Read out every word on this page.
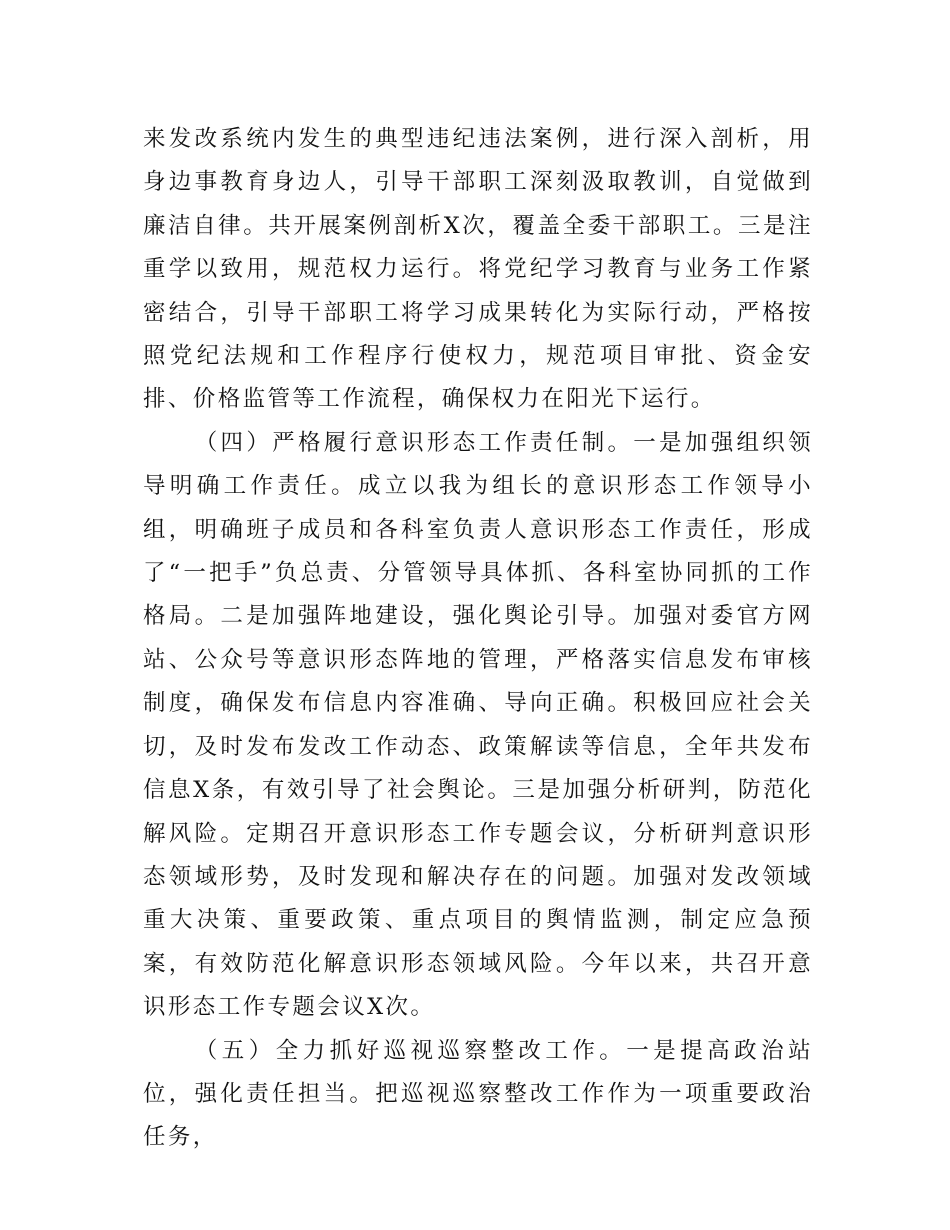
来发改系统内发生的典型违纪违法案例，进行深入剖析，用身边事教育身边人，引导干部职工深刻汲取教训，自觉做到廉洁自律。共开展案例剖析X次，覆盖全委干部职工。三是注重学以致用，规范权力运行。将党纪学习教育与业务工作紧密结合，引导干部职工将学习成果转化为实际行动，严格按照党纪法规和工作程序行使权力，规范项目审批、资金安排、价格监管等工作流程，确保权力在阳光下运行。

（四）严格履行意识形态工作责任制。一是加强组织领导明确工作责任。成立以我为组长的意识形态工作领导小组，明确班子成员和各科室负责人意识形态工作责任，形成了“一把手”负总责、分管领导具体抓、各科室协同抓的工作格局。二是加强阵地建设，强化舆论引导。加强对委官方网站、公众号等意识形态阵地的管理，严格落实信息发布审核制度，确保发布信息内容准确、导向正确。积极回应社会关切，及时发布发改工作动态、政策解读等信息，全年共发布信息X条，有效引导了社会舆论。三是加强分析研判，防范化解风险。定期召开意识形态工作专题会议，分析研判意识形态领域形势，及时发现和解决存在的问题。加强对发改领域重大决策、重要政策、重点项目的舆情监测，制定应急预案，有效防范化解意识形态领域风险。今年以来，共召开意识形态工作专题会议X次。

（五）全力抓好巡视巡察整改工作。一是提高政治站位，强化责任担当。把巡视巡察整改工作作为一项重要政治任务，
